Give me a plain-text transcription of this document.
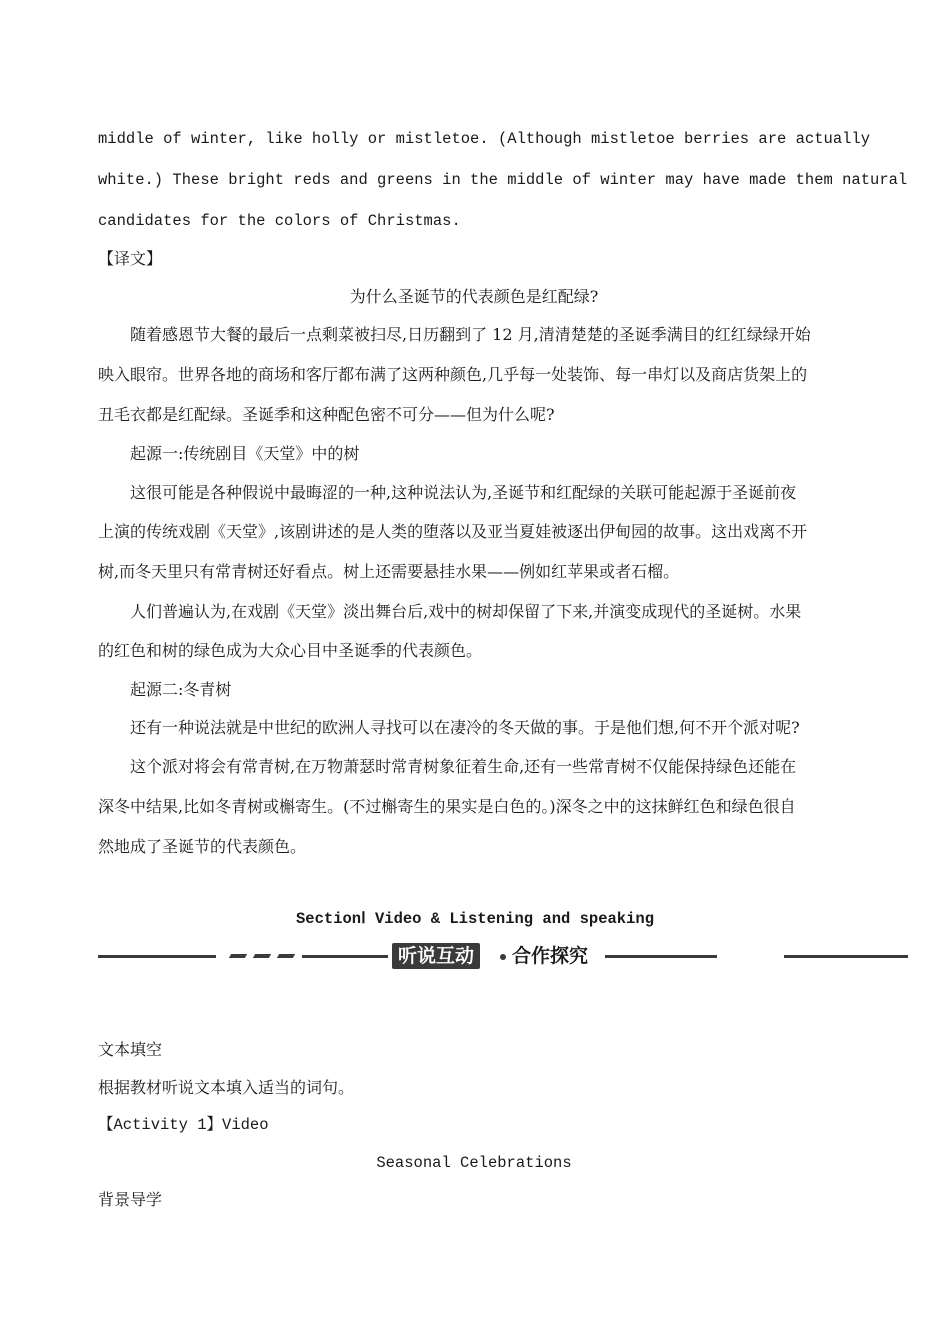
middle of winter, like holly or mistletoe. (Although mistletoe berries are actually
white.) These bright reds and greens in the middle of winter may have made them natural
candidates for the colors of Christmas.
【译文】
为什么圣诞节的代表颜色是红配绿?
　　随着感恩节大餐的最后一点剩菜被扫尽,日历翻到了 12 月,清清楚楚的圣诞季满目的红红绿绿开始
映入眼帘。世界各地的商场和客厅都布满了这两种颜色,几乎每一处装饰、每一串灯以及商店货架上的
丑毛衣都是红配绿。圣诞季和这种配色密不可分——但为什么呢?
　　起源一:传统剧目《天堂》中的树
　　这很可能是各种假说中最晦涩的一种,这种说法认为,圣诞节和红配绿的关联可能起源于圣诞前夜
上演的传统戏剧《天堂》,该剧讲述的是人类的堕落以及亚当夏娃被逐出伊甸园的故事。这出戏离不开
树,而冬天里只有常青树还好看点。树上还需要悬挂水果——例如红苹果或者石榴。
　　人们普遍认为,在戏剧《天堂》淡出舞台后,戏中的树却保留了下来,并演变成现代的圣诞树。水果
的红色和树的绿色成为大众心目中圣诞季的代表颜色。
　　起源二:冬青树
　　还有一种说法就是中世纪的欧洲人寻找可以在凄冷的冬天做的事。于是他们想,何不开个派对呢?
　　这个派对将会有常青树,在万物萧瑟时常青树象征着生命,还有一些常青树不仅能保持绿色还能在
深冬中结果,比如冬青树或槲寄生。(不过槲寄生的果实是白色的。)深冬之中的这抹鲜红色和绿色很自
然地成了圣诞节的代表颜色。
SectionⅠ Video & Listening and speaking
听说互动	合作探究
文本填空
根据教材听说文本填入适当的词句。
【Activity 1】Video
Seasonal Celebrations
背景导学
